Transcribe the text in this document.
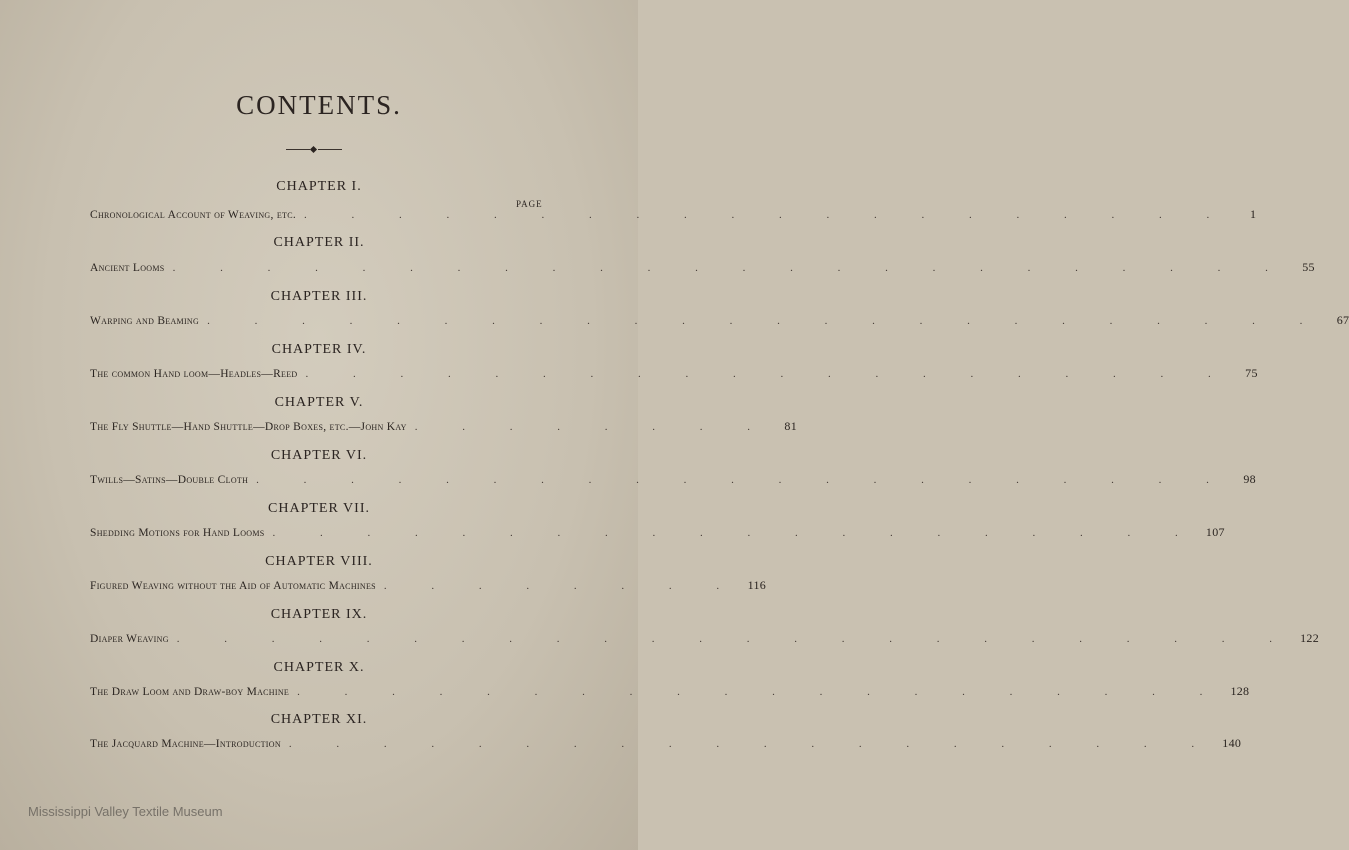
CONTENTS.
PAGE
CHAPTER I.
Chronological Account of Weaving, etc. . . . . . . . . . . . . . . . . . . . .	1
CHAPTER II.
Ancient Looms . . . . . . . . . . . . . . . . . . . . . . . .	55
CHAPTER III.
Warping and Beaming . . . . . . . . . . . . . . . . . . . . . . . .	67
CHAPTER IV.
The common Hand loom—Headles—Reed . . . . . . . . . . . . . . . . . . . .	75
CHAPTER V.
The Fly Shuttle—Hand Shuttle—Drop Boxes, etc.—John Kay . . . . . . . .	81
CHAPTER VI.
Twills—Satins—Double Cloth . . . . . . . . . . . . . . . . . . . . .	98
CHAPTER VII.
Shedding Motions for Hand Looms . . . . . . . . . . . . . . . . . . . . 107
CHAPTER VIII.
Figured Weaving without the Aid of Automatic Machines . . . . . . . . 116
CHAPTER IX.
Diaper Weaving . . . . . . . . . . . . . . . . . . . . . . . . 122
CHAPTER X.
The Draw Loom and Draw-boy Machine . . . . . . . . . . . . . . . . . . . . 128
CHAPTER XI.
The Jacquard Machine—Introduction . . . . . . . . . . . . . . . . . . . . 140
Mississippi Valley Textile Museum
